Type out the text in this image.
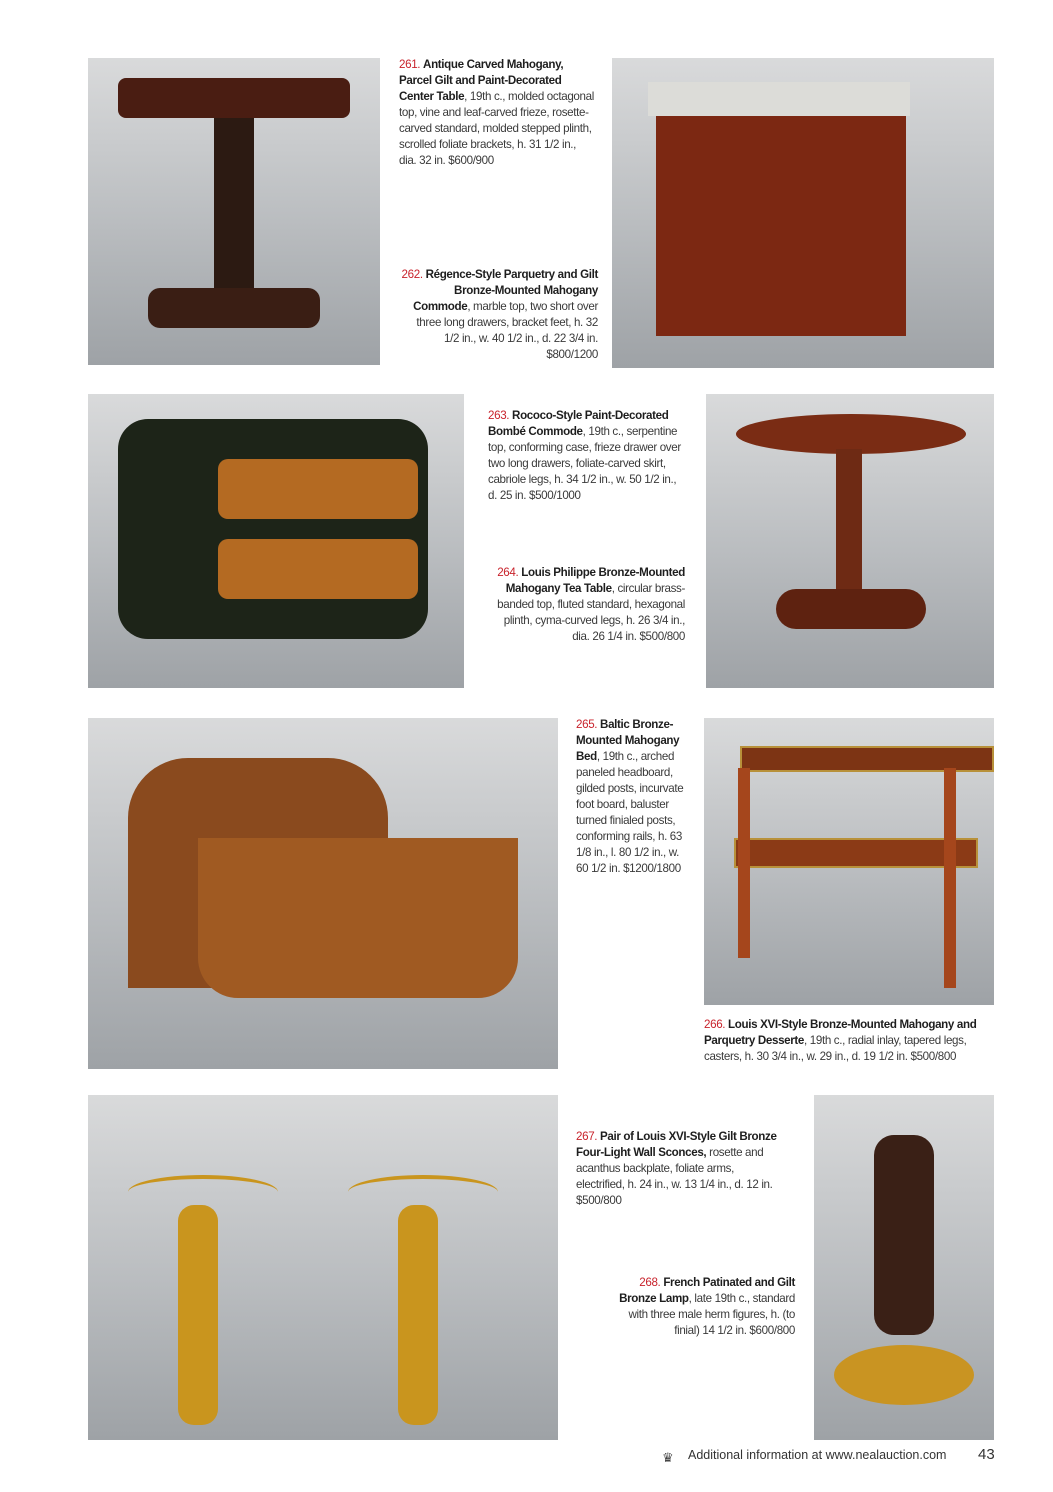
261. Antique Carved Mahogany, Parcel Gilt and Paint-Decorated Center Table, 19th c., molded octagonal top, vine and leaf-carved frieze, rosette-carved standard, molded stepped plinth, scrolled foliate brackets, h. 31 1/2 in., dia. 32 in. $600/900
262. Régence-Style Parquetry and Gilt Bronze-Mounted Mahogany Commode, marble top, two short over three long drawers, bracket feet, h. 32 1/2 in., w. 40 1/2 in., d. 22 3/4 in. $800/1200
263. Rococo-Style Paint-Decorated Bombé Commode, 19th c., serpentine top, conforming case, frieze drawer over two long drawers, foliate-carved skirt, cabriole legs, h. 34 1/2 in., w. 50 1/2 in., d. 25 in. $500/1000
264. Louis Philippe Bronze-Mounted Mahogany Tea Table, circular brass-banded top, fluted standard, hexagonal plinth, cyma-curved legs, h. 26 3/4 in., dia. 26 1/4 in. $500/800
265. Baltic Bronze-Mounted Mahogany Bed, 19th c., arched paneled headboard, gilded posts, incurvate foot board, baluster turned finialed posts, conforming rails, h. 63 1/8 in., l. 80 1/2 in., w. 60 1/2 in. $1200/1800
266. Louis XVI-Style Bronze-Mounted Mahogany and Parquetry Desserte, 19th c., radial inlay, tapered legs, casters, h. 30 3/4 in., w. 29 in., d. 19 1/2 in. $500/800
267. Pair of Louis XVI-Style Gilt Bronze Four-Light Wall Sconces, rosette and acanthus backplate, foliate arms, electrified, h. 24 in., w. 13 1/4 in., d. 12 in. $500/800
268. French Patinated and Gilt Bronze Lamp, late 19th c., standard with three male herm figures, h. (to finial) 14 1/2 in. $600/800
♛ Additional information at www.nealauction.com 43
